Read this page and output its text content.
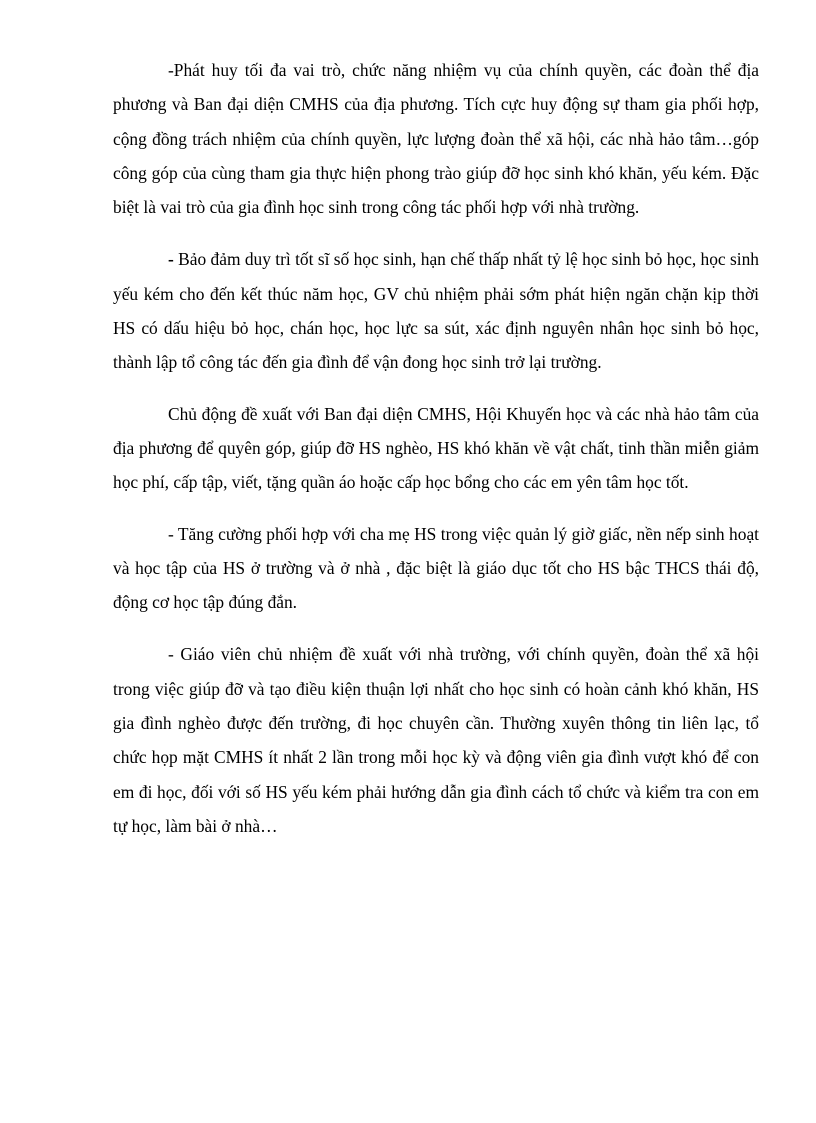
-Phát huy tối đa vai trò, chức năng nhiệm vụ của chính quyền, các đoàn thể địa phương và Ban đại diện CMHS của địa phương. Tích cực huy động sự tham gia phối hợp, cộng đồng trách nhiệm của chính quyền, lực lượng đoàn thể xã hội, các nhà hảo tâm…góp công góp của cùng tham gia thực hiện phong trào giúp đỡ học sinh khó khăn, yếu kém. Đặc biệt là vai trò của gia đình học sinh trong công tác phối hợp với nhà trường.

- Bảo đảm duy trì tốt sĩ số học sinh, hạn chế thấp nhất tỷ lệ học sinh bỏ học, học sinh yếu kém cho đến kết thúc năm học, GV chủ nhiệm phải sớm phát hiện ngăn chặn kịp thời HS có dấu hiệu bỏ học, chán học, học lực sa sút, xác định nguyên nhân học sinh bỏ học, thành lập tổ công tác đến gia đình để vận đong học sinh trở lại trường.

Chủ động đề xuất với Ban đại diện CMHS, Hội Khuyến học và các nhà hảo tâm của địa phương để quyên góp, giúp đỡ HS nghèo, HS khó khăn về vật chất, tinh thần miễn giảm học phí, cấp tập, viết, tặng quần áo hoặc cấp học bổng cho các em yên tâm học tốt.

- Tăng cường phối hợp với cha mẹ HS trong việc quản lý giờ giấc, nền nếp sinh hoạt và học tập của HS ở trường và ở nhà , đặc biệt là giáo dục tốt cho HS bậc THCS thái độ, động cơ học tập đúng đắn.

- Giáo viên chủ nhiệm đề xuất với nhà trường, với chính quyền, đoàn thể xã hội trong việc giúp đỡ và tạo điều kiện thuận lợi nhất cho học sinh có hoàn cảnh khó khăn, HS gia đình nghèo được đến trường, đi học chuyên cần. Thường xuyên thông tin liên lạc, tổ chức họp mặt CMHS ít nhất 2 lần trong mỗi học kỳ và động viên gia đình vượt khó để con em đi học, đối với số HS yếu kém phải hướng dẫn gia đình cách tổ chức và kiểm tra con em tự học, làm bài ở nhà…
